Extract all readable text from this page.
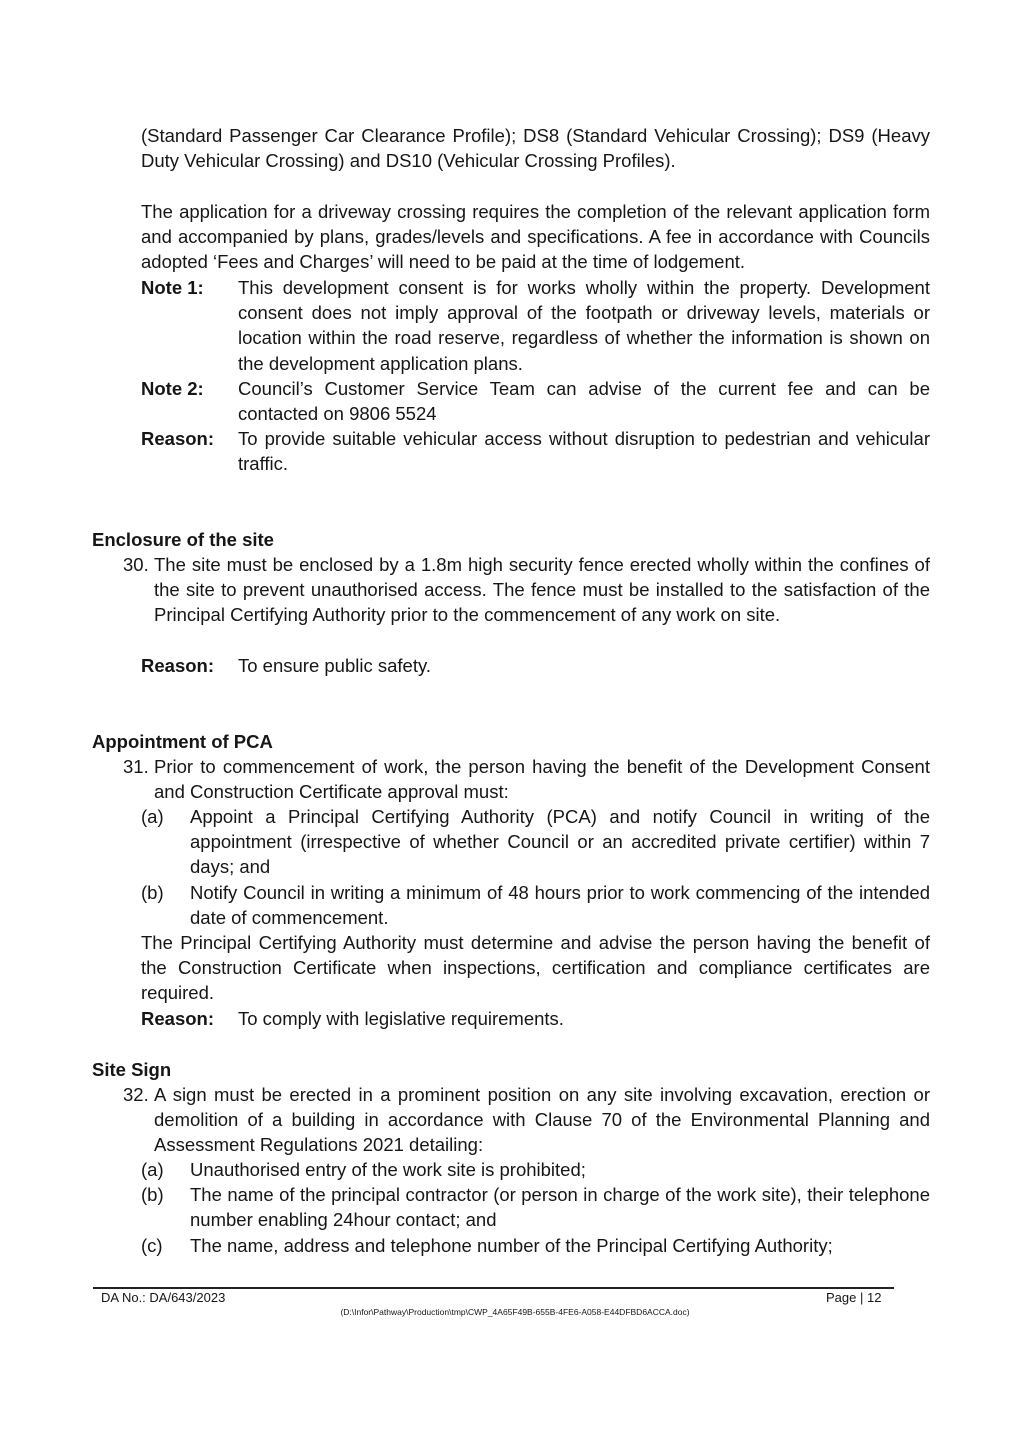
(Standard Passenger Car Clearance Profile); DS8 (Standard Vehicular Crossing); DS9 (Heavy Duty Vehicular Crossing) and DS10 (Vehicular Crossing Profiles).

The application for a driveway crossing requires the completion of the relevant application form and accompanied by plans, grades/levels and specifications. A fee in accordance with Councils adopted ‘Fees and Charges’ will need to be paid at the time of lodgement.

Note 1:	This development consent is for works wholly within the property. Development consent does not imply approval of the footpath or driveway levels, materials or location within the road reserve, regardless of whether the information is shown on the development application plans.
Note 2:	Council’s Customer Service Team can advise of the current fee and can be contacted on 9806 5524
Reason:	To provide suitable vehicular access without disruption to pedestrian and vehicular traffic.
Enclosure of the site
30. The site must be enclosed by a 1.8m high security fence erected wholly within the confines of the site to prevent unauthorised access. The fence must be installed to the satisfaction of the Principal Certifying Authority prior to the commencement of any work on site.
Reason:	To ensure public safety.
Appointment of PCA
31. Prior to commencement of work, the person having the benefit of the Development Consent and Construction Certificate approval must:
(a)	Appoint a Principal Certifying Authority (PCA) and notify Council in writing of the appointment (irrespective of whether Council or an accredited private certifier) within 7 days; and
(b)	Notify Council in writing a minimum of 48 hours prior to work commencing of the intended date of commencement.

The Principal Certifying Authority must determine and advise the person having the benefit of the Construction Certificate when inspections, certification and compliance certificates are required.

Reason:	To comply with legislative requirements.
Site Sign
32. A sign must be erected in a prominent position on any site involving excavation, erection or demolition of a building in accordance with Clause 70 of the Environmental Planning and Assessment Regulations 2021 detailing:
(a)	Unauthorised entry of the work site is prohibited;
(b)	The name of the principal contractor (or person in charge of the work site), their telephone number enabling 24hour contact; and
(c)	The name, address and telephone number of the Principal Certifying Authority;
DA No.: DA/643/2023	Page | 12
(D:\Infor\Pathway\Production\tmp\CWP_4A65F49B-655B-4FE6-A058-E44DFBD6ACCA.doc)
